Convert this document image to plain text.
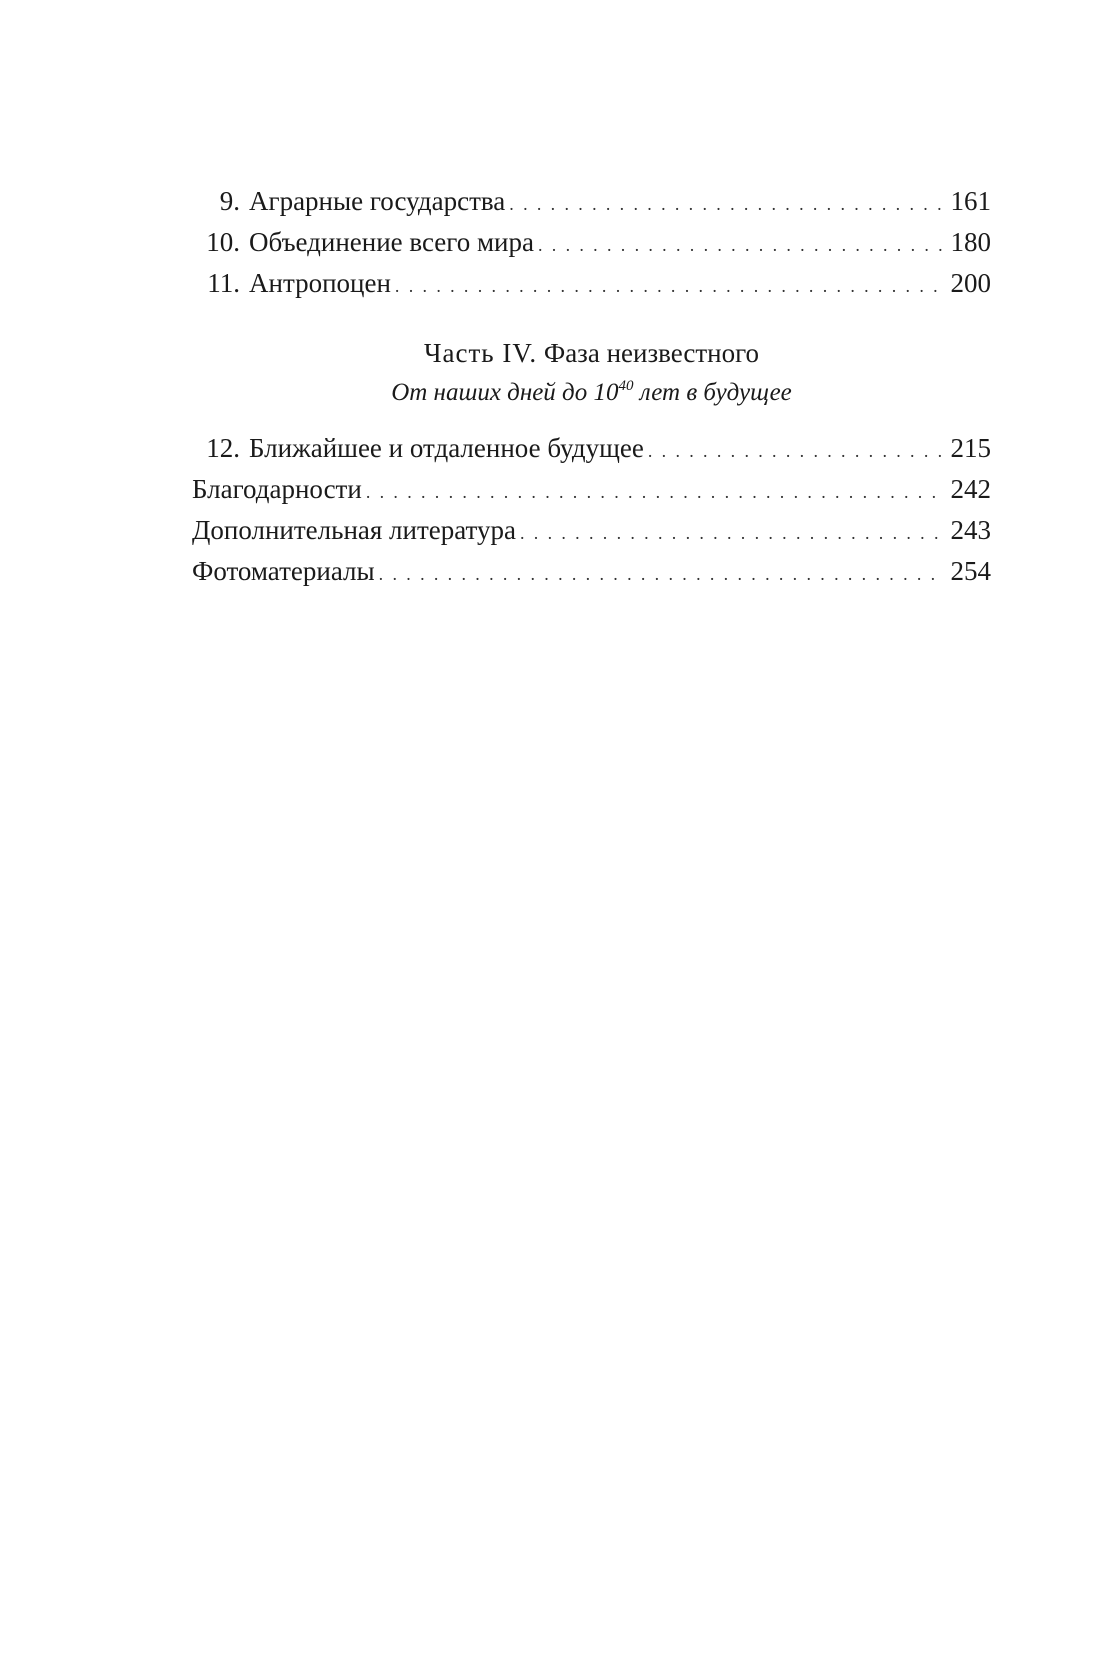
9. Аграрные государства . . .	161
10. Объединение всего мира . . .	180
11. Антропоцен . . .	200
Часть IV. Фаза неизвестного
От наших дней до $10^{40}$ лет в будущее
12. Ближайшее и отдаленное будущее . . .	215
Благодарности . . .	242
Дополнительная литература . . .	243
Фотоматериалы . . .	254
